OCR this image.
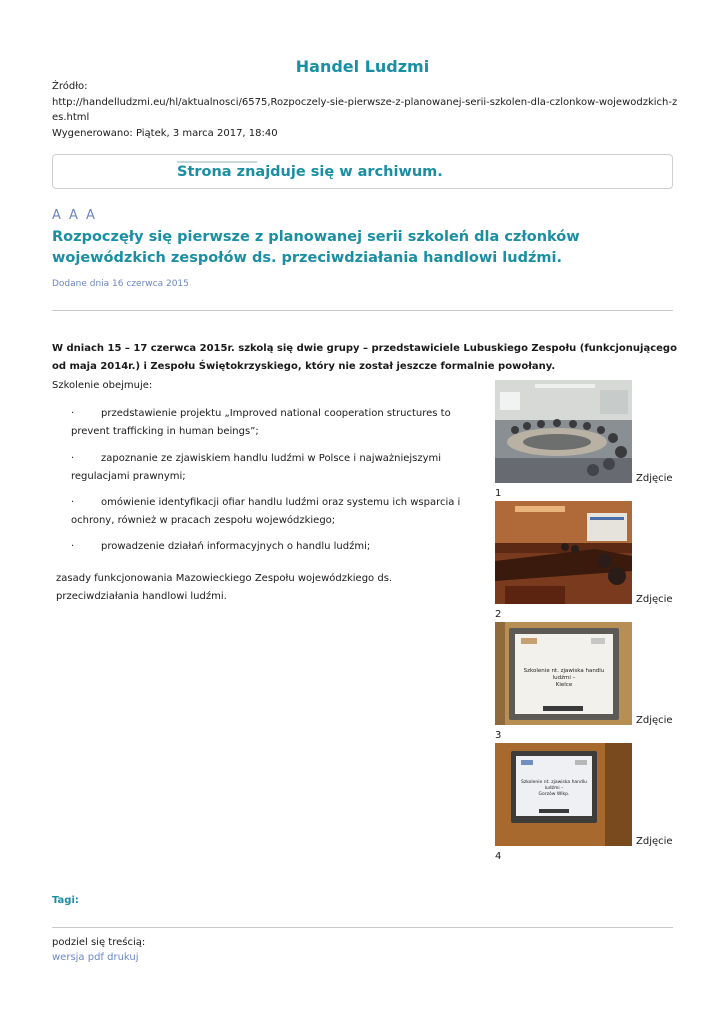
Handel Ludzmi
Źródło:
http://handelludzmi.eu/hl/aktualnosci/6575,Rozpoczely-sie-pierwsze-z-planowanej-serii-szkolen-dla-czlonkow-wojewodzkich-z
es.html
Wygenerowano: Piątek, 3 marca 2017, 18:40
Strona znajduje się w archiwum.
A A A
Rozpoczęły się pierwsze z planowanej serii szkoleń dla członków wojewódzkich zespołów ds. przeciwdziałania handlowi ludźmi.
Dodane dnia 16 czerwca 2015
W dniach 15 – 17 czerwca 2015r. szkolą się dwie grupy – przedstawiciele Lubuskiego Zespołu (funkcjonującego od maja 2014r.) i Zespołu Świętokrzyskiego, który nie został jeszcze formalnie powołany.
Szkolenie obejmuje:
·	przedstawienie projektu „Improved national cooperation structures to prevent trafficking in human beings”;
·	zapoznanie ze zjawiskiem handlu ludźmi w Polsce i najważniejszymi regulacjami prawnymi;
·	omówienie identyfikacji ofiar handlu ludźmi oraz systemu ich wsparcia i ochrony, również w pracach zespołu wojewódzkiego;
·	prowadzenie działań informacyjnych o handlu ludźmi;
zasady funkcjonowania Mazowieckiego Zespołu wojewódzkiego ds. przeciwdziałania handlowi ludźmi.
Zdjęcie
1
Zdjęcie
2
Szkolenie nt. zjawiska handlu
ludźmi –
Kielce
Zdjęcie
3
Szkolenie nt. zjawiska handlu
ludźmi –
Gorzów Wlkp.
Zdjęcie
4
Tagi:
podziel się treścią:
wersja pdf drukuj
